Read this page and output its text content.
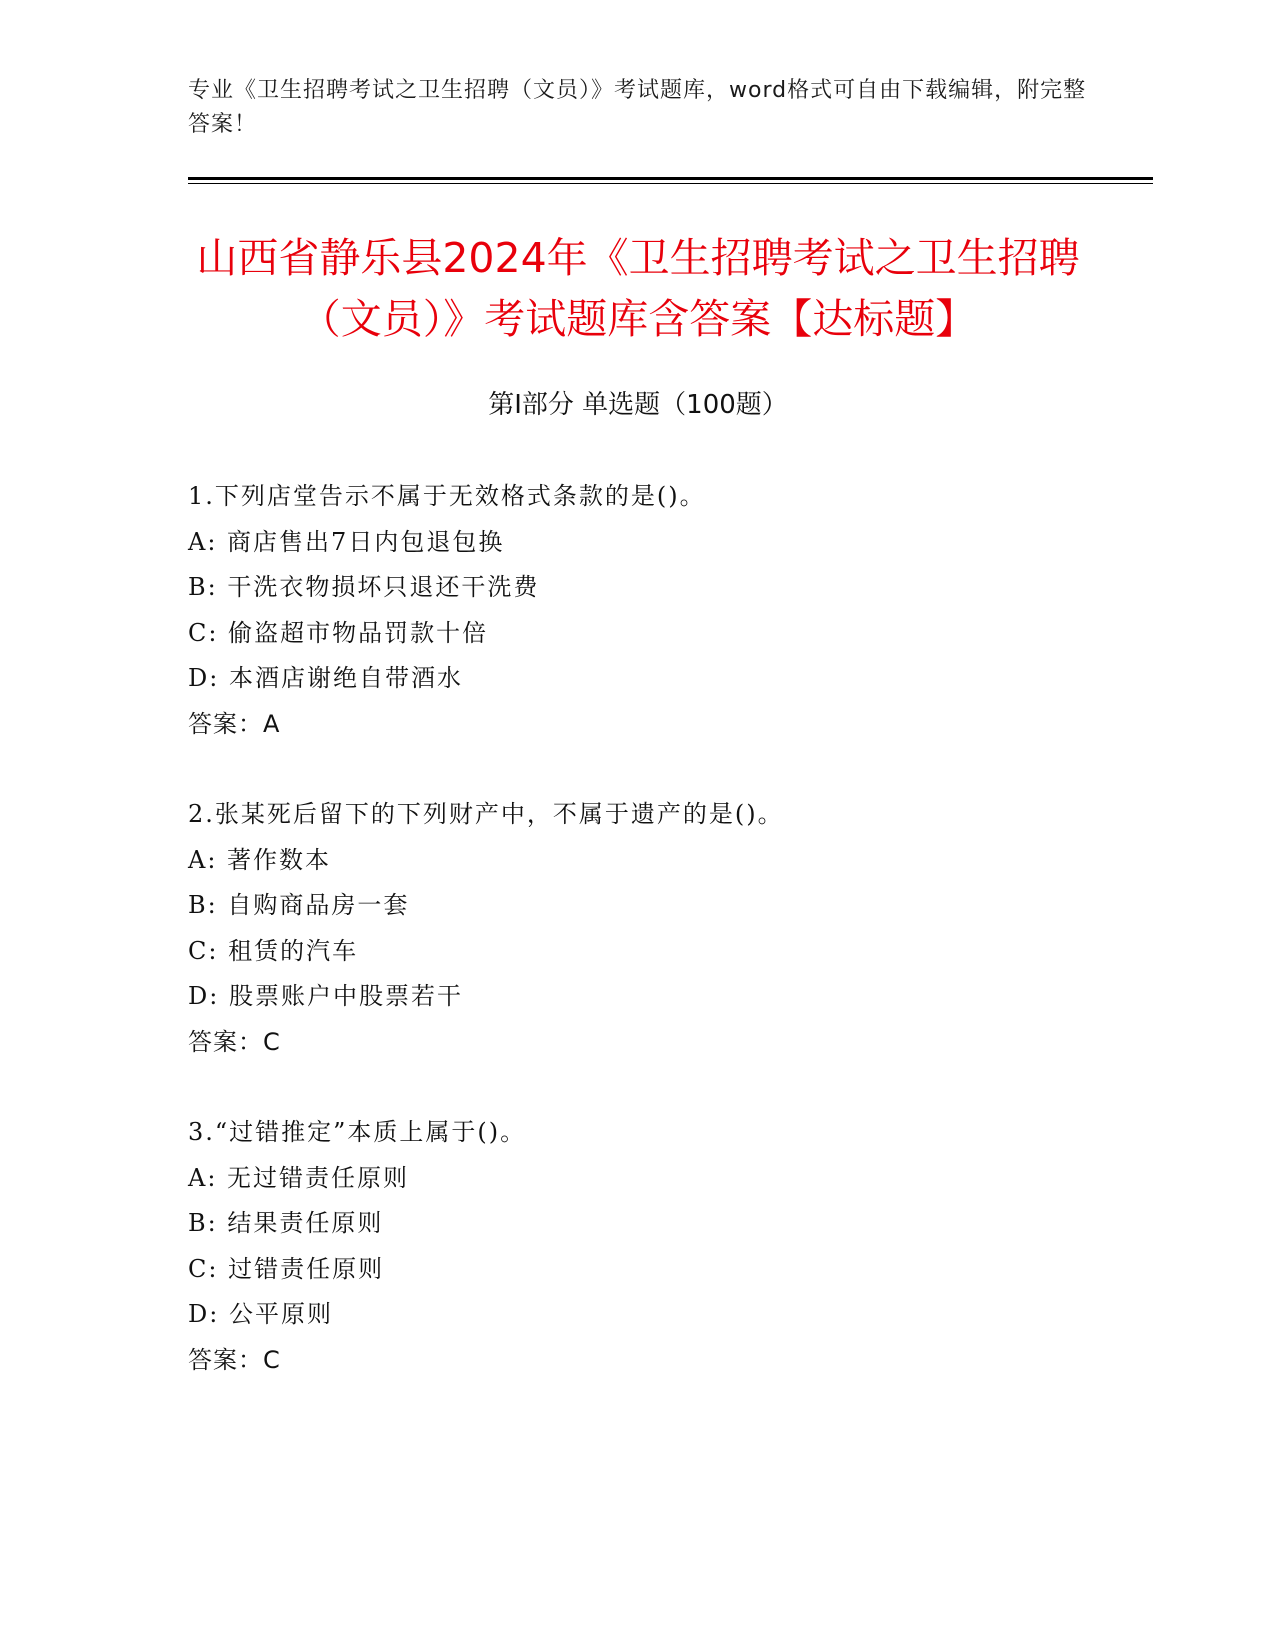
专业《卫生招聘考试之卫生招聘（文员）》考试题库，word格式可自由下载编辑，附完整答案！
山西省静乐县2024年《卫生招聘考试之卫生招聘（文员）》考试题库含答案【达标题】
第Ⅰ部分 单选题（100题）
1.下列店堂告示不属于无效格式条款的是()。
A: 商店售出7日内包退包换
B: 干洗衣物损坏只退还干洗费
C: 偷盗超市物品罚款十倍
D: 本酒店谢绝自带酒水
答案：A
2.张某死后留下的下列财产中，不属于遗产的是()。
A: 著作数本
B: 自购商品房一套
C: 租赁的汽车
D: 股票账户中股票若干
答案：C
3.“过错推定”本质上属于()。
A: 无过错责任原则
B: 结果责任原则
C: 过错责任原则
D: 公平原则
答案：C
